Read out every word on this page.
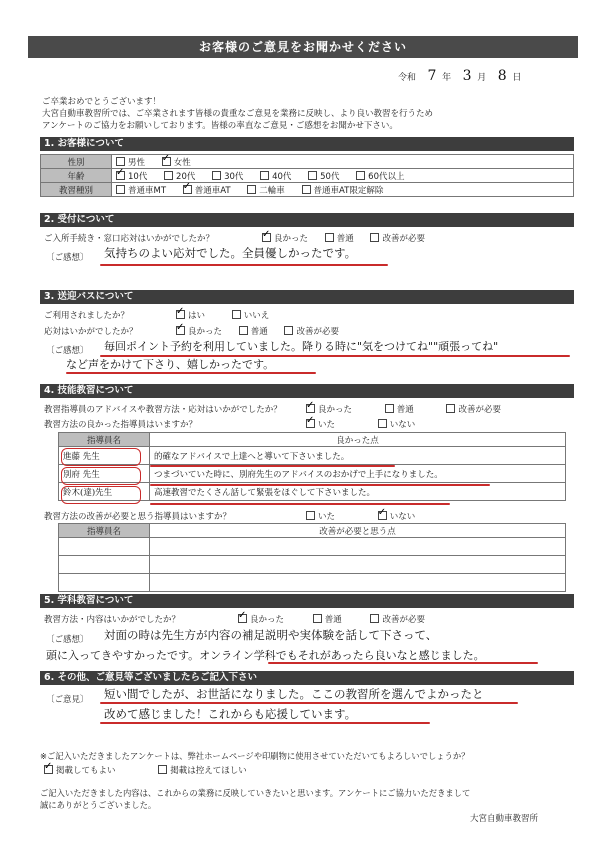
お客様のご意見をお聞かせください
令和 7 年 3 月 8 日
ご卒業おめでとうございます！
大宮自動車教習所では、ご卒業されます皆様の貴重なご意見を業務に反映し、より良い教習を行うため
アンケートのご協力をお願いしております。皆様の率直なご意見・ご感想をお聞かせ下さい。
1. お客様について
性別	男性 ✓ 女性
年齢	✓10代 20代 30代 40代 50代 60代以上
教習種別	普通車MT ✓ 普通車AT 二輪車 普通車AT限定解除
2. 受付について
ご入所手続き・窓口応対はいかがでしたか？ ✓	良かった	普通	改善が必要
〔ご感想〕 気持ちのよい応対でした。全員優しかったです。
3. 送迎バスについて
ご利用されましたか？ ✓	はい	いいえ
応対はいかがでしたか？ ✓	良かった	普通	改善が必要
〔ご感想〕 毎回ポイント予約を利用していました。降りる時に"気をつけてね""頑張ってね"
など声をかけて下さり、嬉しかったです。
4. 技能教習について
教習指導員のアドバイスや教習方法・応対はいかがでしたか？ ✓	良かった	普通	改善が必要
教習方法の良かった指導員はいますか？ ✓	いた	いない
指導員名	良かった点
進藤 先生	的確なアドバイスで上達へと導いて下さいました。
別府 先生	つまづいていた時に、別府先生のアドバイスのおかげで上手になりました。
鈴木(達)先生	高速教習でたくさん話して緊張をほぐして下さいました。
教習方法の改善が必要と思う指導員はいますか？	いた ✓	いない
指導員名	改善が必要と思う点

5. 学科教習について
教習方法・内容はいかがでしたか？ ✓	良かった	普通	改善が必要
〔ご感想〕 対面の時は先生方が内容の補足説明や実体験を話して下さって、
頭に入ってきやすかったです。オンライン学科でもそれがあったら良いなと感じました。
6. その他、ご意見等ございましたらご記入下さい
〔ご意見〕 短い間でしたが、お世話になりました。ここの教習所を選んでよかったと
改めて感じました！これからも応援しています。
※ご記入いただきましたアンケートは、弊社ホームページや印刷物に使用させていただいてもよろしいでしょうか？
✓掲載してもよい	掲載は控えてほしい
ご記入いただきました内容は、これからの業務に反映していきたいと思います。アンケートにご協力いただきまして
誠にありがとうございました。
大宮自動車教習所
